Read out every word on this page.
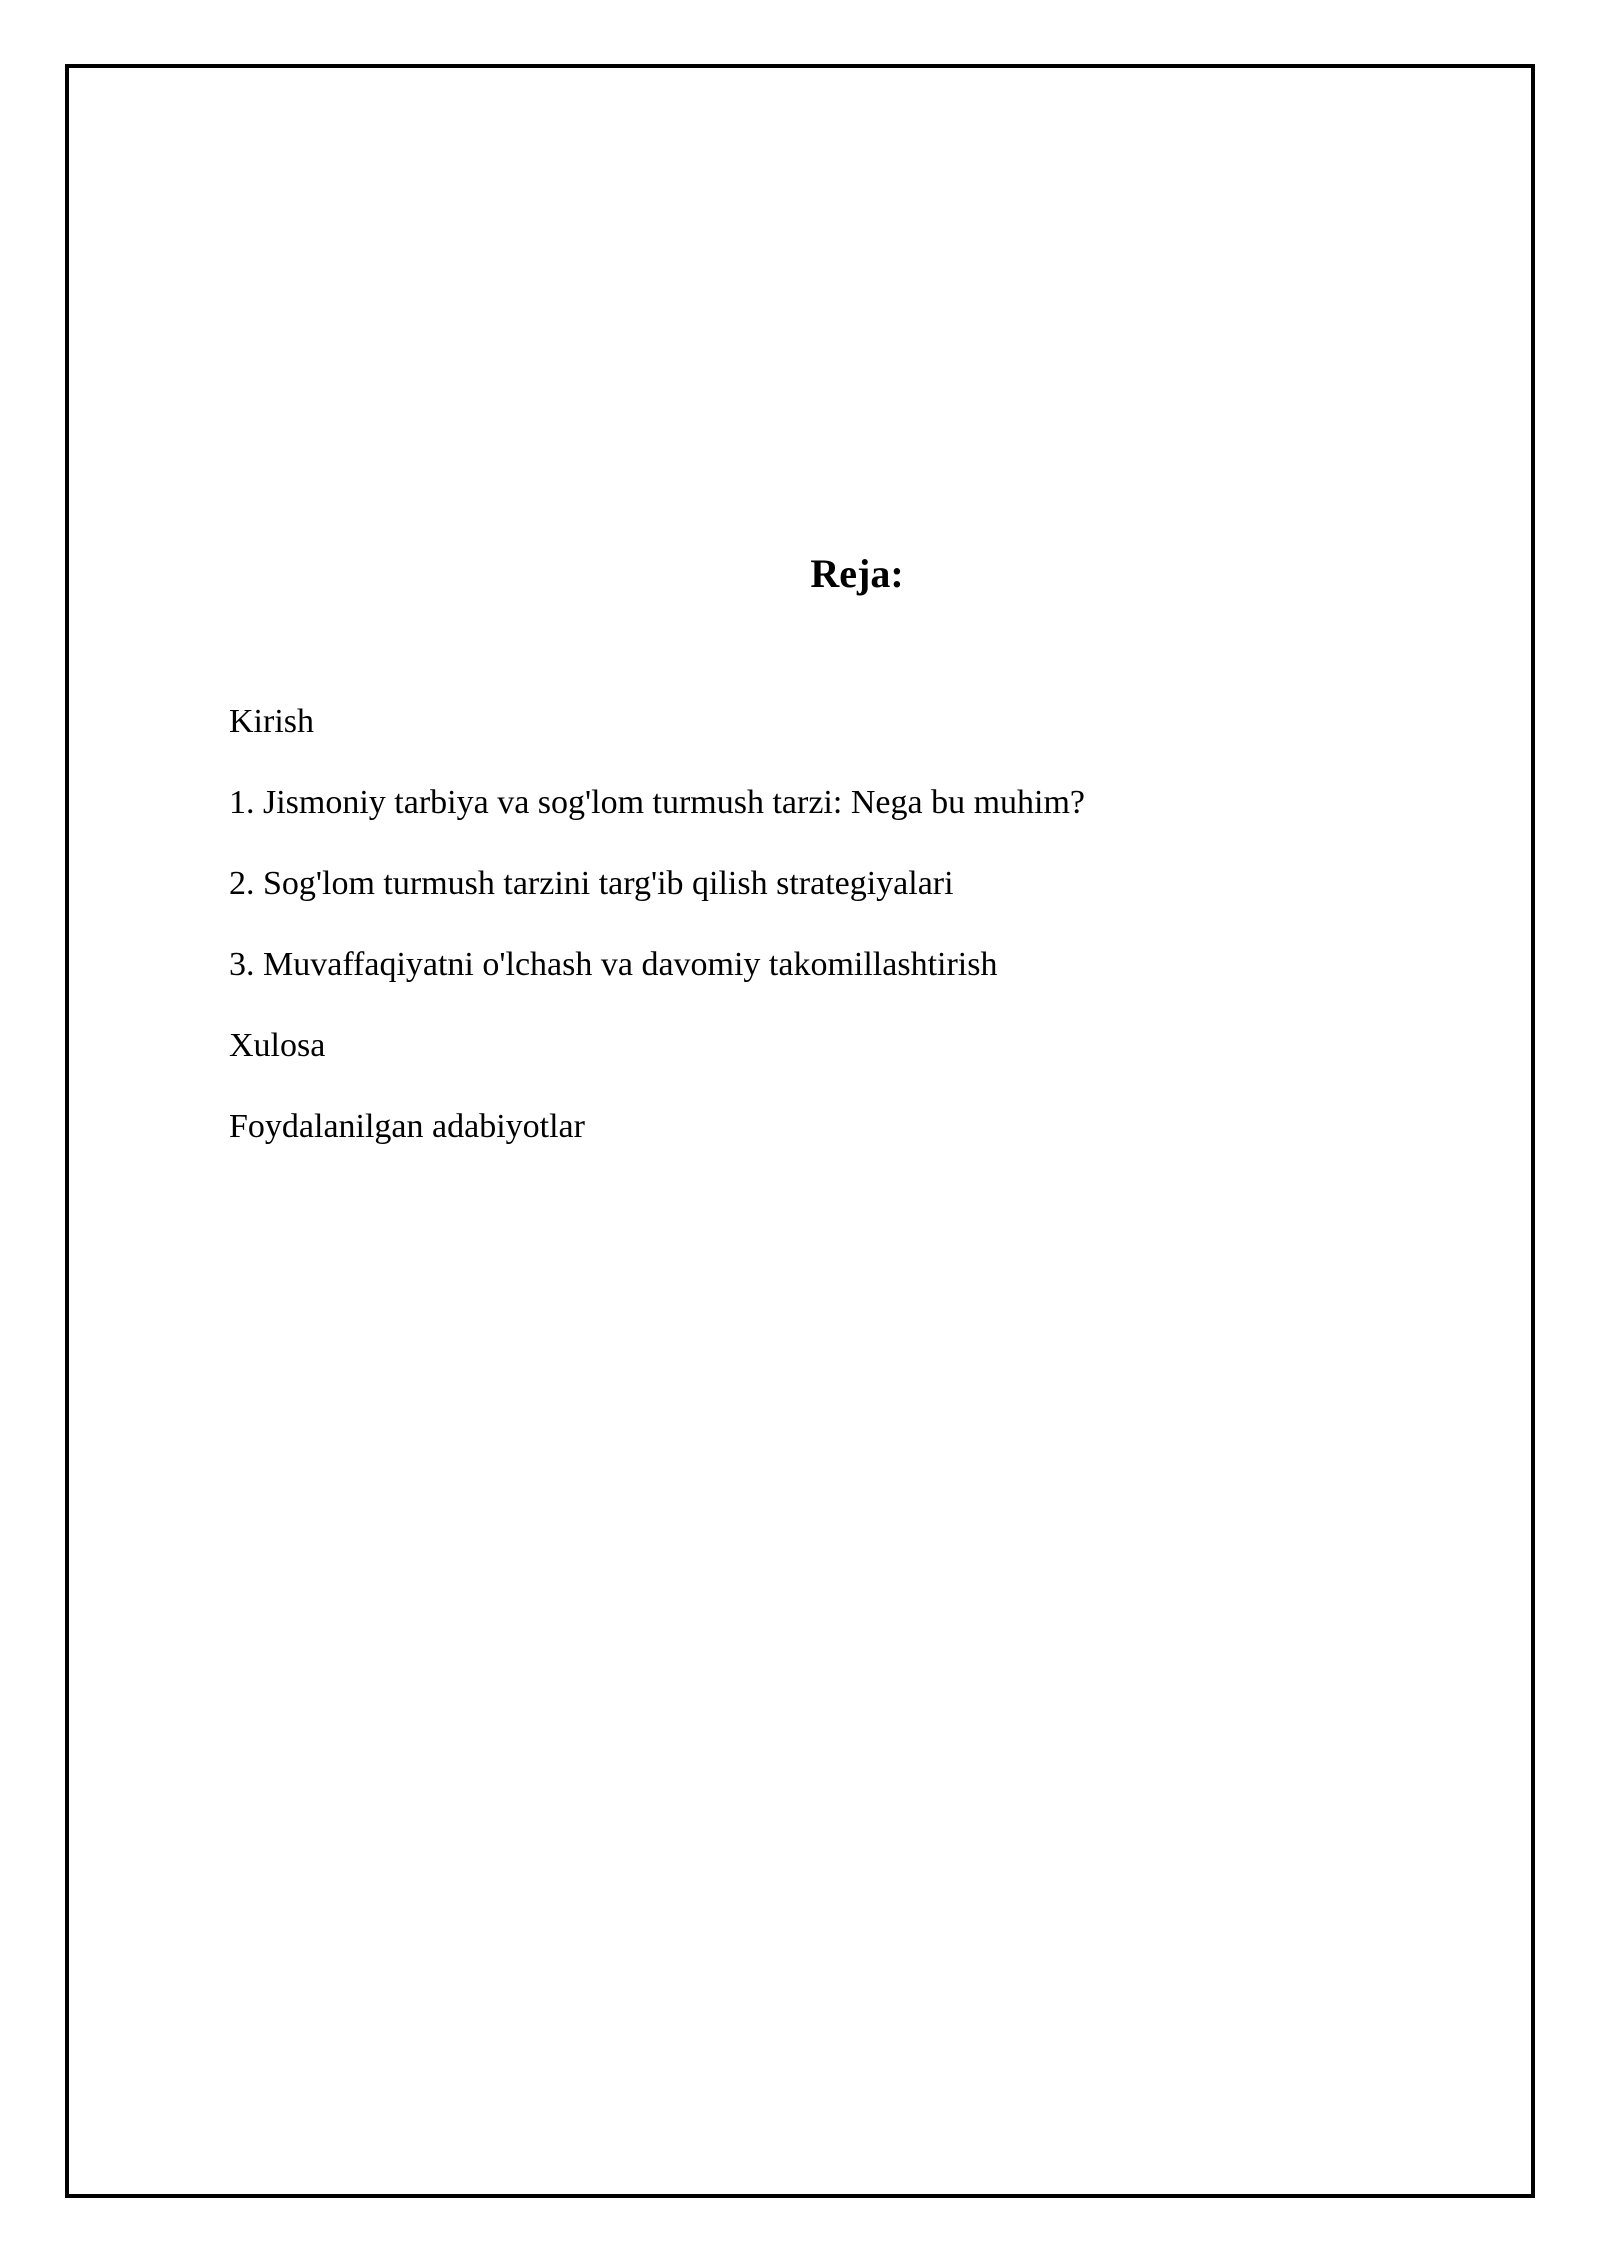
Reja:
Kirish
1. Jismoniy tarbiya va sog'lom turmush tarzi: Nega bu muhim?
2. Sog'lom turmush tarzini targ'ib qilish strategiyalari
3. Muvaffaqiyatni o'lchash va davomiy takomillashtirish
Xulosa
Foydalanilgan adabiyotlar
